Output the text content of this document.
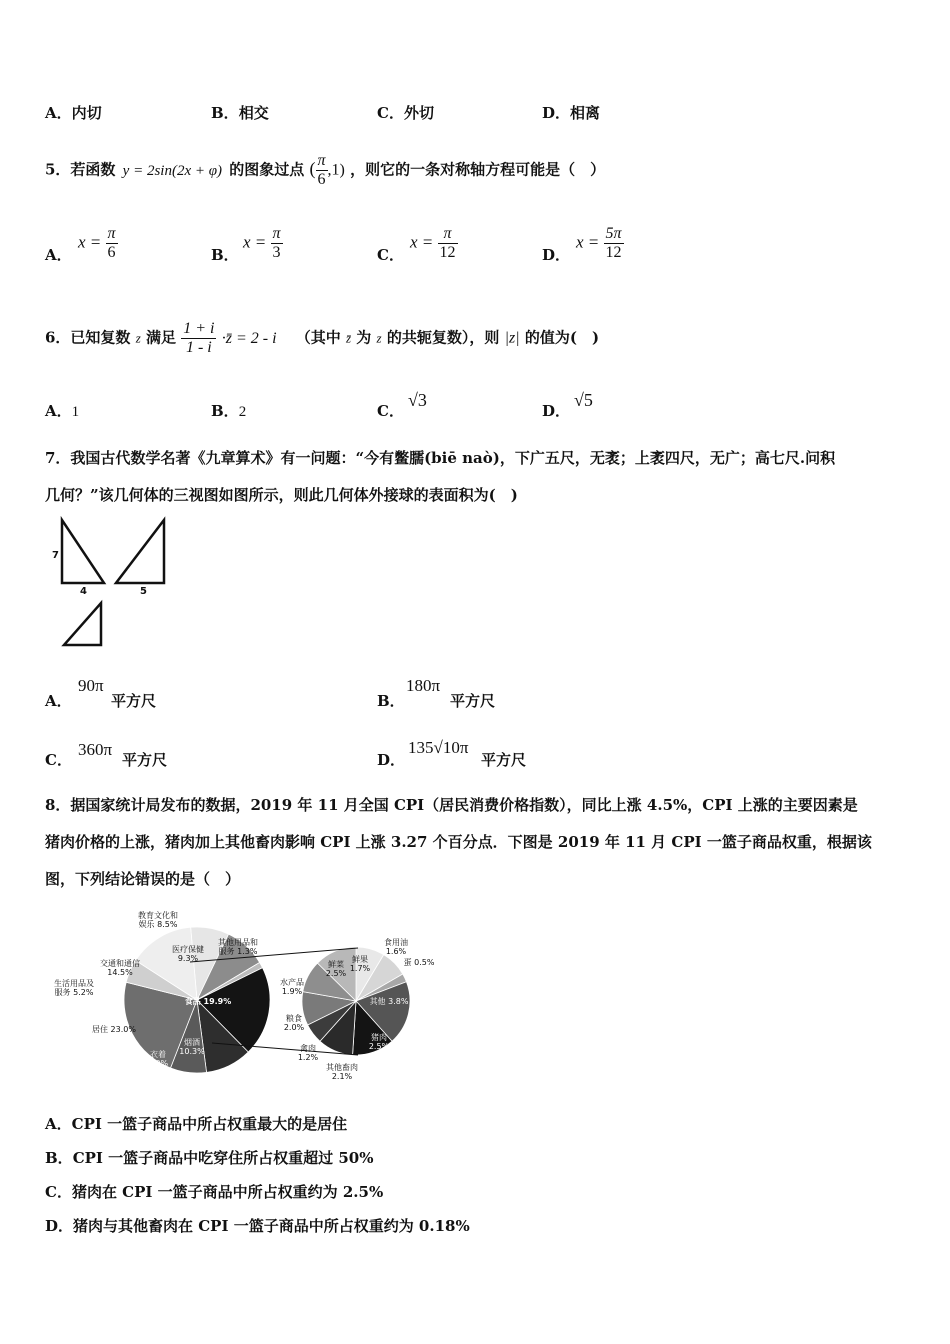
A．内切	B．相交	C．外切	D．相离
5．若函数 y = 2sin(2x + φ) 的图象过点 ( $\frac{\pi}{6} ,1$) ，则它的一条对称轴方程可能是（　）
A．
$x = \frac{\pi}{6}$	B．
$x = \frac{\pi}{3}$	C．
$x = \frac{\pi}{12}$	D．
$x = \frac{5\pi}{12}$
6．已知复数 z 满足 $\frac{1 + i}{1 - i}$ ·z̄ = 2 - i （其中 z̄ 为 z 的共轭复数），则 |z| 的值为(　)
A．1	B．2	C．
√3
D．
√5
7．我国古代数学名著《九章算术》有一问题：“今有鳖臑(biē naò)，下广五尺，无袤；上袤四尺，无广；高七尺.问积
几何？”该几何体的三视图如图所示，则此几何体外接球的表面积为(　)
7
4	5
A．
90π
平方尺	B．
180π
平方尺
C．
360π
平方尺	D．
135√10π
平方尺
8．据国家统计局发布的数据，2019 年 11 月全国 CPI（居民消费价格指数），同比上涨 4.5%，CPI 上涨的主要因素是
猪肉价格的上涨，猪肉加上其他畜肉影响 CPI 上涨 3.27 个百分点．下图是 2019 年 11 月 CPI 一篮子商品权重，根据该
图，下列结论错误的是（　）
教育文化和娱乐 8.5%
医疗保健 9.3%
其他用品和服务 1.3%
食品 19.9%
烟酒 10.3%
衣着 8.0%
居住 23.0%
生活用品及服务 5.2%
交通和通信 14.5%
鲜果 1.7%
食用油 1.6%
蛋 0.5%
其他 3.8%
猪肉 2.5%
其他畜肉 2.1%
禽肉 1.2%
粮食 2.0%
水产品 1.9%
鲜菜 2.5%
A．CPI 一篮子商品中所占权重最大的是居住
B．CPI 一篮子商品中吃穿住所占权重超过 50%
C．猪肉在 CPI 一篮子商品中所占权重约为 2.5%
D．猪肉与其他畜肉在 CPI 一篮子商品中所占权重约为 0.18%
